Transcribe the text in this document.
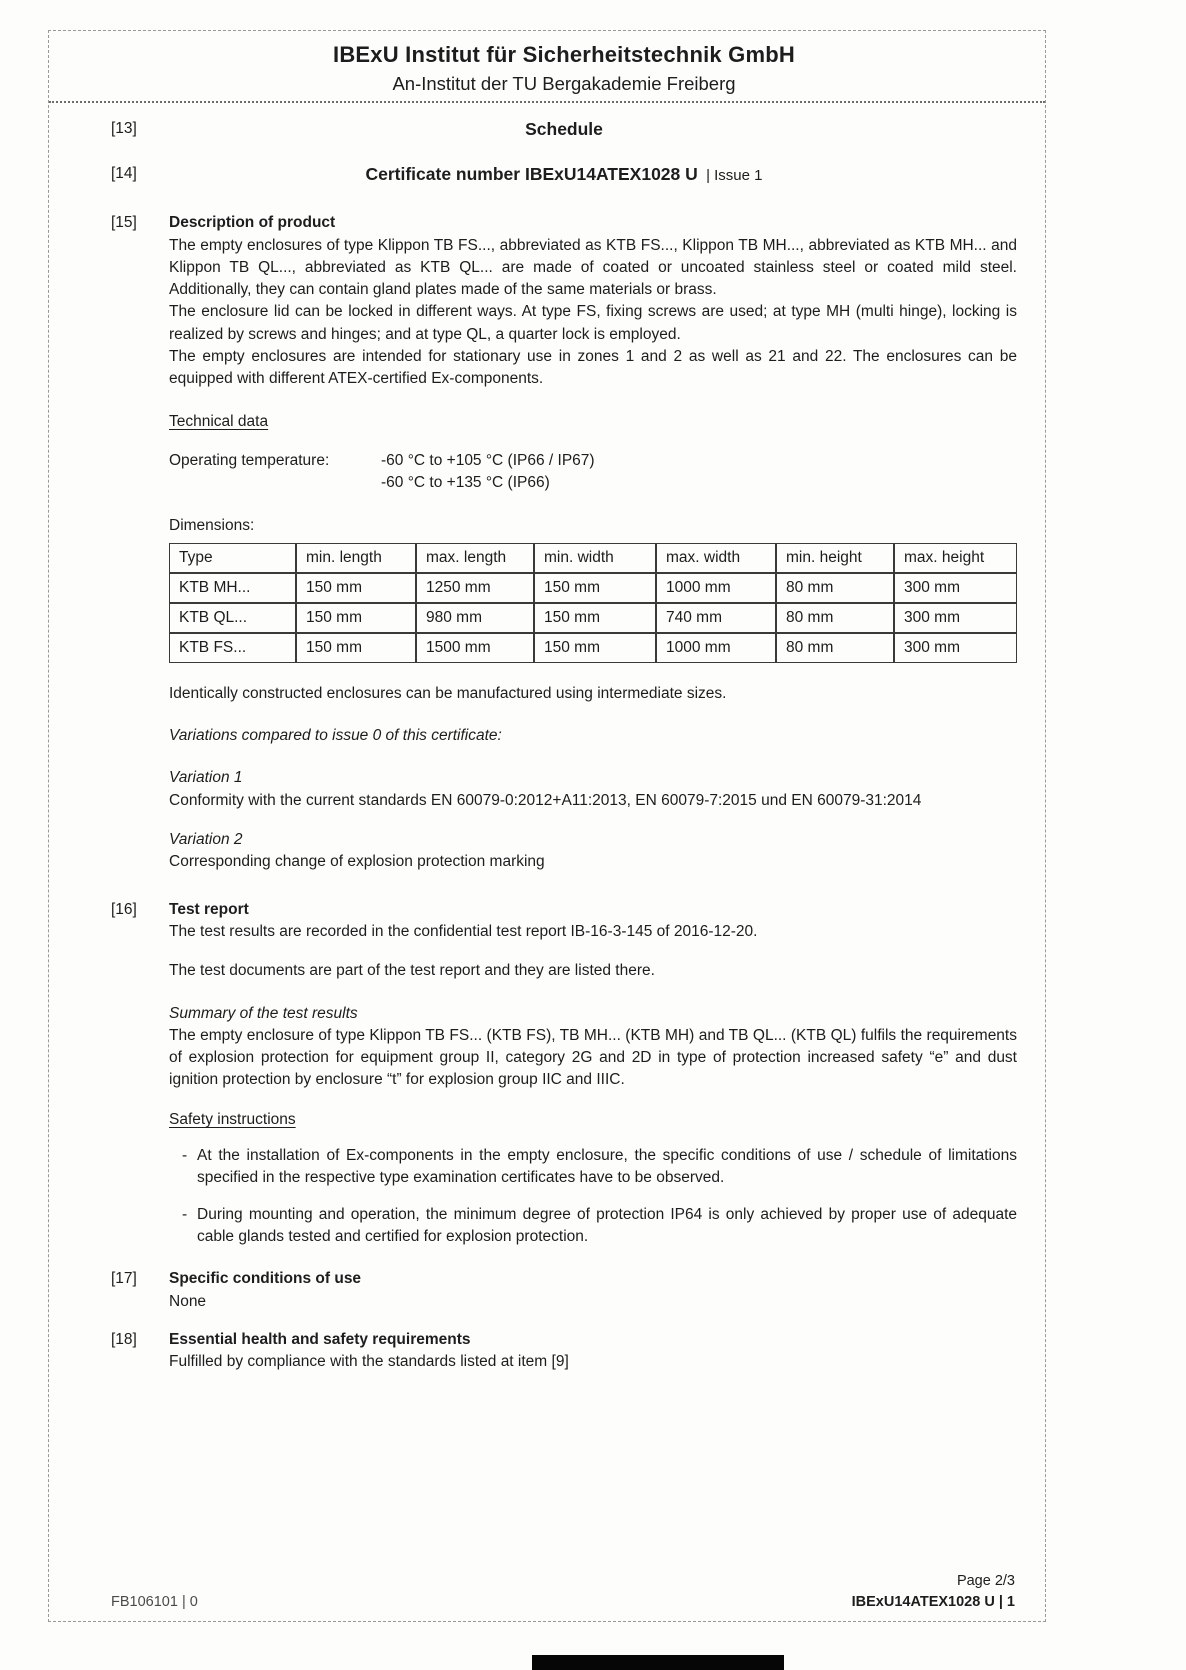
IBExU Institut für Sicherheitstechnik GmbH
An-Institut der TU Bergakademie Freiberg
[13]	Schedule
[14]	Certificate number IBExU14ATEX1028 U | Issue 1
[15] Description of product

The empty enclosures of type Klippon TB FS..., abbreviated as KTB FS..., Klippon TB MH..., abbreviated as KTB MH... and Klippon TB QL..., abbreviated as KTB QL... are made of coated or uncoated stainless steel or coated mild steel. Additionally, they can contain gland plates made of the same materials or brass.

The enclosure lid can be locked in different ways. At type FS, fixing screws are used; at type MH (multi hinge), locking is realized by screws and hinges; and at type QL, a quarter lock is employed.

The empty enclosures are intended for stationary use in zones 1 and 2 as well as 21 and 22. The enclosures can be equipped with different ATEX-certified Ex-components.

Technical data
Operating temperature:	-60 °C to +105 °C (IP66 / IP67)
-60 °C to +135 °C (IP66)
Dimensions:
Type	min. length	max. length	min. width	max. width	min. height	max. height
KTB MH...	150 mm	1250 mm	150 mm	1000 mm	80 mm	300 mm
KTB QL...	150 mm	980 mm	150 mm	740 mm	80 mm	300 mm
KTB FS...	150 mm	1500 mm	150 mm	1000 mm	80 mm	300 mm

Identically constructed enclosures can be manufactured using intermediate sizes.

Variations compared to issue 0 of this certificate:

Variation 1

Conformity with the current standards EN 60079-0:2012+A11:2013, EN 60079-7:2015 und EN 60079-31:2014

Variation 2

Corresponding change of explosion protection marking

[16] Test report

The test results are recorded in the confidential test report IB-16-3-145 of 2016-12-20.

The test documents are part of the test report and they are listed there.

Summary of the test results

The empty enclosure of type Klippon TB FS... (KTB FS), TB MH... (KTB MH) and TB QL... (KTB QL) fulfils the requirements of explosion protection for equipment group II, category 2G and 2D in type of protection increased safety “e” and dust ignition protection by enclosure “t” for explosion group IIC and IIIC.

Safety instructions
- At the installation of Ex-components in the empty enclosure, the specific conditions of use / schedule of limitations specified in the respective type examination certificates have to be observed.
- During mounting and operation, the minimum degree of protection IP64 is only achieved by proper use of adequate cable glands tested and certified for explosion protection.
[17] Specific conditions of use

None

[18] Essential health and safety requirements

Fulfilled by compliance with the standards listed at item [9]

FB106101 | 0
Page 2/3
IBExU14ATEX1028 U | 1
